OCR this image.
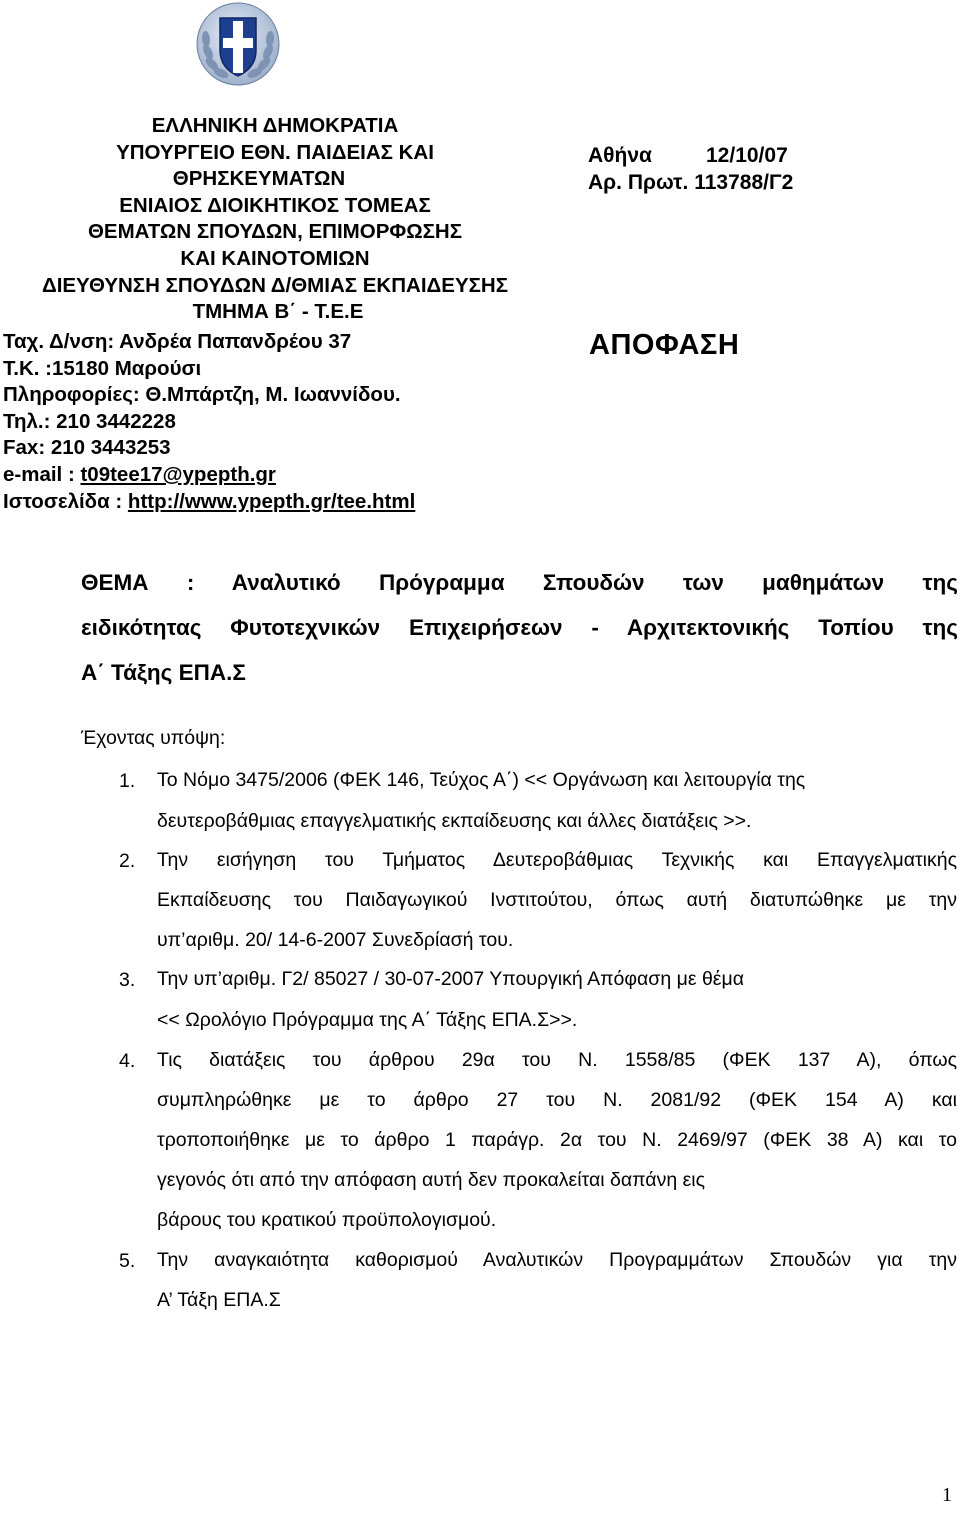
ΕΛΛΗΝΙΚΗ ΔΗΜΟΚΡΑΤΙΑ
ΥΠΟΥΡΓΕΙΟ ΕΘΝ. ΠΑΙΔΕΙΑΣ ΚΑΙ
ΘΡΗΣΚΕΥΜΑΤΩΝ
ΕΝΙΑΙΟΣ ΔΙΟΙΚΗΤΙΚΟΣ ΤΟΜΕΑΣ
ΘΕΜΑΤΩΝ ΣΠΟΥΔΩΝ, ΕΠΙΜΟΡΦΩΣΗΣ
ΚΑΙ ΚΑΙΝΟΤΟΜΙΩΝ
ΔΙΕΥΘΥΝΣΗ ΣΠΟΥΔΩΝ Δ/ΘΜΙΑΣ ΕΚΠΑΙΔΕΥΣΗΣ
ΤΜΗΜΑ Β΄ - Τ.Ε.Ε
Ταχ. Δ/νση: Ανδρέα Παπανδρέου 37
Τ.Κ. :15180 Μαρούσι
Πληροφορίες: Θ.Μπάρτζη, Μ. Ιωαννίδου.
Τηλ.: 210 3442228
Fax: 210 3443253
e-mail : t09tee17@ypepth.gr
Ιστοσελίδα : http://www.ypepth.gr/tee.html
Αθήνα	12/10/07
Αρ. Πρωτ. 113788/Γ2
ΑΠΟΦΑΣΗ
ΘΕΜΑ : Αναλυτικό Πρόγραμμα Σπουδών των μαθημάτων της
ειδικότητας Φυτοτεχνικών Επιχειρήσεων - Αρχιτεκτονικής Τοπίου της
Α΄ Τάξης ΕΠΑ.Σ
Έχοντας υπόψη:
1. Το Νόμο 3475/2006 (ΦΕΚ 146, Τεύχος Α΄) << Οργάνωση και λειτουργία της
δευτεροβάθμιας επαγγελματικής εκπαίδευσης και άλλες διατάξεις >>.
2. Την εισήγηση του Τμήματος Δευτεροβάθμιας Τεχνικής και Επαγγελματικής
Εκπαίδευσης του Παιδαγωγικού Ινστιτούτου, όπως αυτή διατυπώθηκε με την
υπ’αριθμ. 20/ 14-6-2007 Συνεδρίασή του.
3. Την υπ’αριθμ. Γ2/ 85027 / 30-07-2007 Υπουργική Απόφαση με θέμα
<< Ωρολόγιο Πρόγραμμα της Α΄ Τάξης ΕΠΑ.Σ>>.
4. Τις διατάξεις του άρθρου 29α του Ν. 1558/85 (ΦΕΚ 137 Α), όπως
συμπληρώθηκε με το άρθρο 27 του Ν. 2081/92 (ΦΕΚ 154 Α) και
τροποποιήθηκε με το άρθρο 1 παράγρ. 2α του Ν. 2469/97 (ΦΕΚ 38 Α) και το
γεγονός ότι από την απόφαση αυτή δεν προκαλείται δαπάνη εις
βάρους του κρατικού προϋπολογισμού.
5. Την αναγκαιότητα καθορισμού Αναλυτικών Προγραμμάτων Σπουδών για την
Α’ Τάξη ΕΠΑ.Σ
1
